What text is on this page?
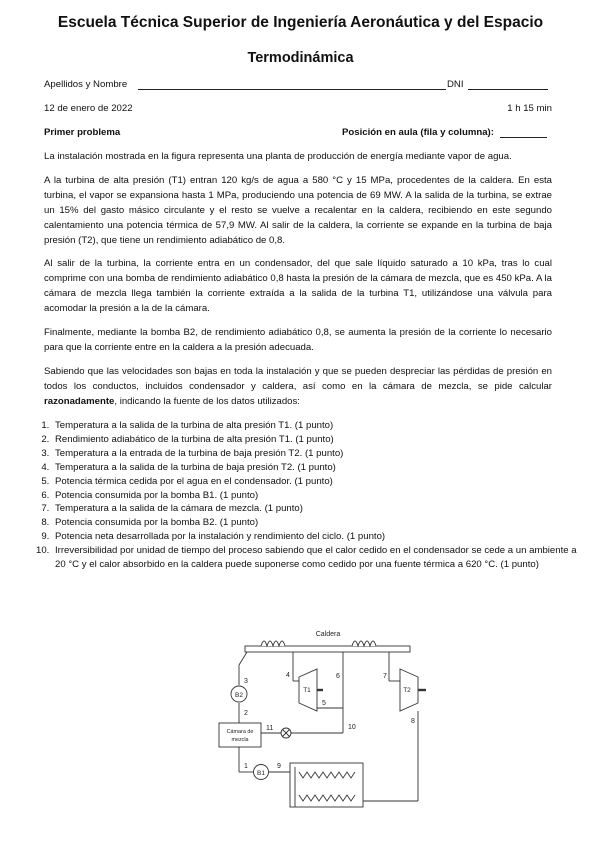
Escuela Técnica Superior de Ingeniería Aeronáutica y del Espacio
Termodinámica
Apellidos y Nombre	DNI
12 de enero de 2022	1 h 15 min
Primer problema	Posición en aula (fila y columna):

La instalación mostrada en la figura representa una planta de producción de energía mediante vapor de agua.

A la turbina de alta presión (T1) entran 120 kg/s de agua a 580 °C y 15 MPa, procedentes de la caldera. En esta turbina, el vapor se expansiona hasta 1 MPa, produciendo una potencia de 69 MW. A la salida de la turbina, se extrae un 15% del gasto másico circulante y el resto se vuelve a recalentar en la caldera, recibiendo en este segundo calentamiento una potencia térmica de 57,9 MW. Al salir de la caldera, la corriente se expande en la turbina de baja presión (T2), que tiene un rendimiento adiabático de 0,8.

Al salir de la turbina, la corriente entra en un condensador, del que sale líquido saturado a 10 kPa, tras lo cual comprime con una bomba de rendimiento adiabático 0,8 hasta la presión de la cámara de mezcla, que es 450 kPa. A la cámara de mezcla llega también la corriente extraída a la salida de la turbina T1, utilizándose una válvula para acomodar la presión a la de la cámara.

Finalmente, mediante la bomba B2, de rendimiento adiabático 0,8, se aumenta la presión de la corriente lo necesario para que la corriente entre en la caldera a la presión adecuada.

Sabiendo que las velocidades son bajas en toda la instalación y que se pueden despreciar las pérdidas de presión en todos los conductos, incluidos condensador y caldera, así como en la cámara de mezcla, se pide calcular razonadamente, indicando la fuente de los datos utilizados:

1. Temperatura a la salida de la turbina de alta presión T1. (1 punto)
2. Rendimiento adiabático de la turbina de alta presión T1. (1 punto)
3. Temperatura a la entrada de la turbina de baja presión T2. (1 punto)
4. Temperatura a la salida de la turbina de baja presión T2. (1 punto)
5. Potencia térmica cedida por el agua en el condensador. (1 punto)
6. Potencia consumida por la bomba B1. (1 punto)
7. Temperatura a la salida de la cámara de mezcla. (1 punto)
8. Potencia consumida por la bomba B2. (1 punto)
9. Potencia neta desarrollada por la instalación y rendimiento del ciclo. (1 punto)
10. Irreversibilidad por unidad de tiempo del proceso sabiendo que el calor cedido en el condensador se cede a un ambiente a 20 °C y el calor absorbido en la caldera puede suponerse como cedido por una fuente térmica a 620 °C. (1 punto)
Caldera
T1	T2
B2
B1
Cámara de
mezcla
1
2
3
4
5
6	7
8
9
10
11
